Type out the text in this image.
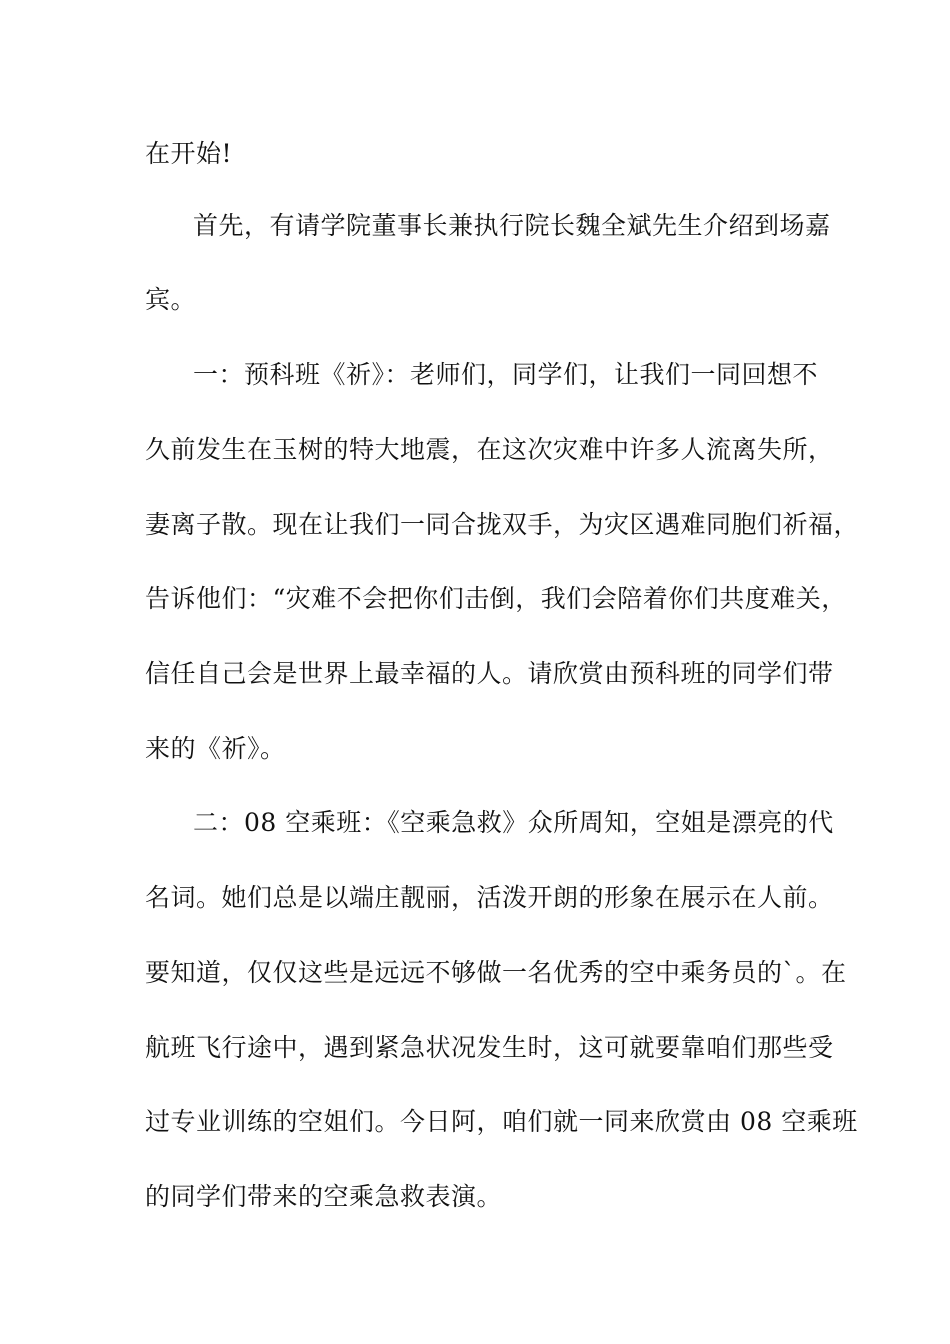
在开始!
首先，有请学院董事长兼执行院长魏全斌先生介绍到场嘉
宾。
一：预科班《祈》：老师们，同学们，让我们一同回想不
久前发生在玉树的特大地震，在这次灾难中许多人流离失所，
妻离子散。现在让我们一同合拢双手，为灾区遇难同胞们祈福，
告诉他们：“灾难不会把你们击倒，我们会陪着你们共度难关，
信任自己会是世界上最幸福的人。请欣赏由预科班的同学们带
来的《祈》。
二：08 空乘班：《空乘急救》众所周知，空姐是漂亮的代
名词。她们总是以端庄靓丽，活泼开朗的形象在展示在人前。
要知道，仅仅这些是远远不够做一名优秀的空中乘务员的`。在
航班飞行途中，遇到紧急状况发生时，这可就要靠咱们那些受
过专业训练的空姐们。今日阿，咱们就一同来欣赏由 08 空乘班
的同学们带来的空乘急救表演。
